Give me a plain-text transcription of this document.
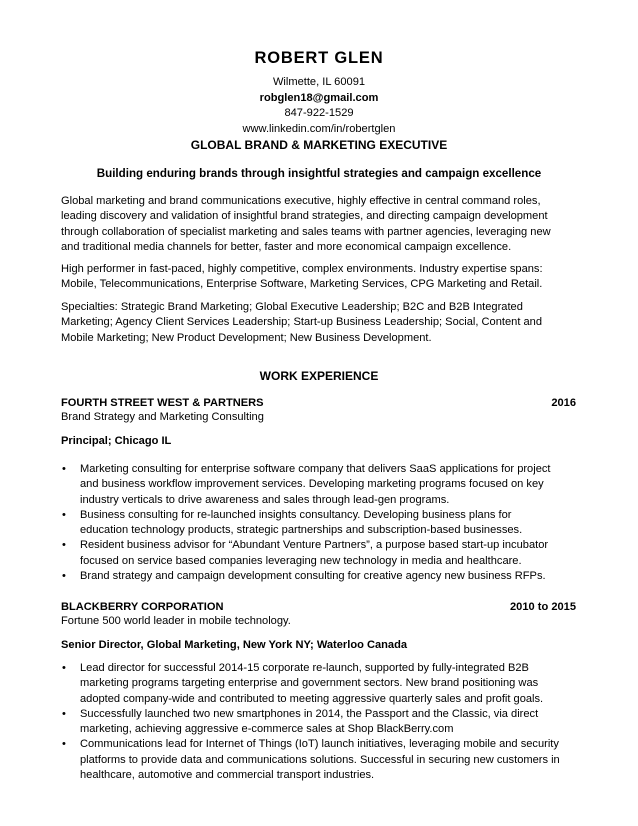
ROBERT GLEN
Wilmette, IL 60091
robglen18@gmail.com
847-922-1529
www.linkedin.com/in/robertglen
GLOBAL BRAND & MARKETING EXECUTIVE
Building enduring brands through insightful strategies and campaign excellence
Global marketing and brand communications executive, highly effective in central command roles,
leading discovery and validation of insightful brand strategies, and directing campaign development
through collaboration of specialist marketing and sales teams with partner agencies, leveraging new
and traditional media channels for better, faster and more economical campaign excellence.
High performer in fast-paced, highly competitive, complex environments. Industry expertise spans:
Mobile, Telecommunications, Enterprise Software, Marketing Services, CPG Marketing and Retail.
Specialties: Strategic Brand Marketing; Global Executive Leadership; B2C and B2B Integrated
Marketing; Agency Client Services Leadership; Start-up Business Leadership; Social, Content and
Mobile Marketing; New Product Development; New Business Development.
WORK EXPERIENCE
FOURTH STREET WEST & PARTNERS	2016
Brand Strategy and Marketing Consulting
Principal; Chicago IL
• Marketing consulting for enterprise software company that delivers SaaS applications for project
and business workflow improvement services. Developing marketing programs focused on key
industry verticals to drive awareness and sales through lead-gen programs.
• Business consulting for re-launched insights consultancy. Developing business plans for
education technology products, strategic partnerships and subscription-based businesses.
• Resident business advisor for “Abundant Venture Partners”, a purpose based start-up incubator
focused on service based companies leveraging new technology in media and healthcare.
• Brand strategy and campaign development consulting for creative agency new business RFPs.
BLACKBERRY CORPORATION	2010 to 2015
Fortune 500 world leader in mobile technology.
Senior Director, Global Marketing, New York NY; Waterloo Canada
• Lead director for successful 2014-15 corporate re-launch, supported by fully-integrated B2B
marketing programs targeting enterprise and government sectors. New brand positioning was
adopted company-wide and contributed to meeting aggressive quarterly sales and profit goals.
• Successfully launched two new smartphones in 2014, the Passport and the Classic, via direct
marketing, achieving aggressive e-commerce sales at Shop BlackBerry.com
• Communications lead for Internet of Things (IoT) launch initiatives, leveraging mobile and security
platforms to provide data and communications solutions. Successful in securing new customers in
healthcare, automotive and commercial transport industries.
